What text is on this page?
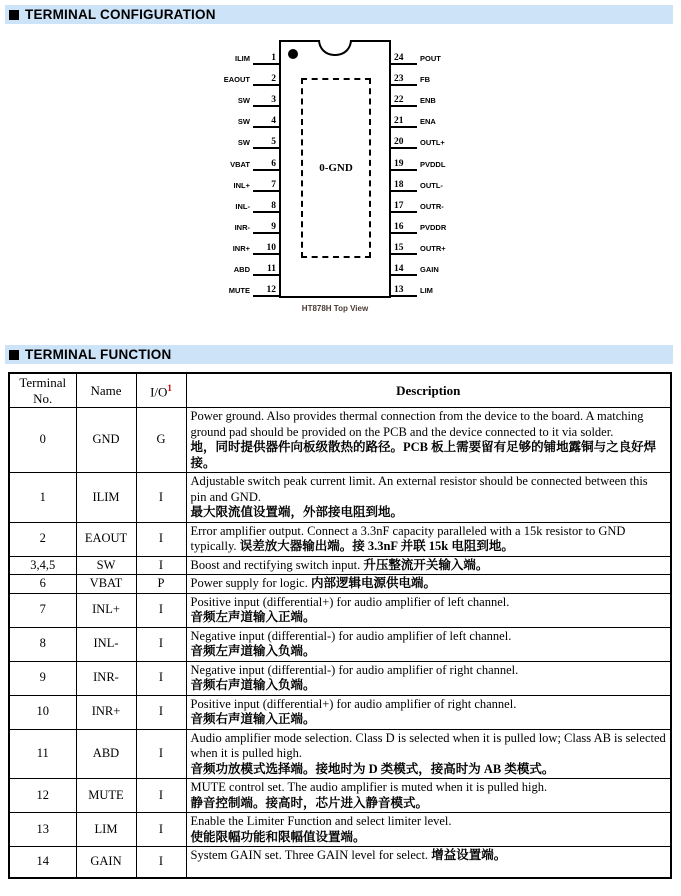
TERMINAL CONFIGURATION
0-GND
ILIM	1
EAOUT	2
SW	3
SW	4
SW	5
VBAT	6
INL+	7
INL-	8
INR-	9
INR+	10
ABD	11
MUTE	12
24	POUT
23	FB
22	ENB
21	ENA
20	OUTL+
19	PVDDL
18	OUTL-
17	OUTR-
16	PVDDR
15	OUTR+
14	GAIN
13	LIM
HT878H Top View
TERMINAL FUNCTION
Terminal No.	Name	$I/O^1$	Description
0	GND	G	Power ground. Also provides thermal connection from the device to the board. A matching ground pad should be provided on the PCB and the device connected to it via solder.
地，同时提供器件向板级散热的路径。PCB 板上需要留有足够的铺地露铜与之良好焊接。

1	ILIM	I	Adjustable switch peak current limit. An external resistor should be connected between this pin and GND.
最大限流值设置端，外部接电阻到地。

2	EAOUT	I	Error amplifier output. Connect a 3.3nF capacity paralleled with a 15k resistor to GND typically. 误差放大器输出端。接 3.3nF 并联 15k 电阻到地。

3,4,5	SW	I	Boost and rectifying switch input. 升压整流开关输入端。

6	VBAT	P	Power supply for logic. 内部逻辑电源供电端。

7	INL+	I	Positive input (differential+) for audio amplifier of left channel.
音频左声道输入正端。

8	INL-	I	Negative input (differential-) for audio amplifier of left channel.
音频左声道输入负端。

9	INR-	I	Negative input (differential-) for audio amplifier of right channel.
音频右声道输入负端。

10	INR+	I	Positive input (differential+) for audio amplifier of right channel.
音频右声道输入正端。

11	ABD	I	Audio amplifier mode selection. Class D is selected when it is pulled low; Class AB is selected when it is pulled high.
音频功放模式选择端。接地时为 D 类模式，接高时为 AB 类模式。

12	MUTE	I	MUTE control set. The audio amplifier is muted when it is pulled high.
静音控制端。接高时，芯片进入静音模式。

13	LIM	I	Enable the Limiter Function and select limiter level.
使能限幅功能和限幅值设置端。

14	GAIN	I	System GAIN set. Three GAIN level for select. 增益设置端。
